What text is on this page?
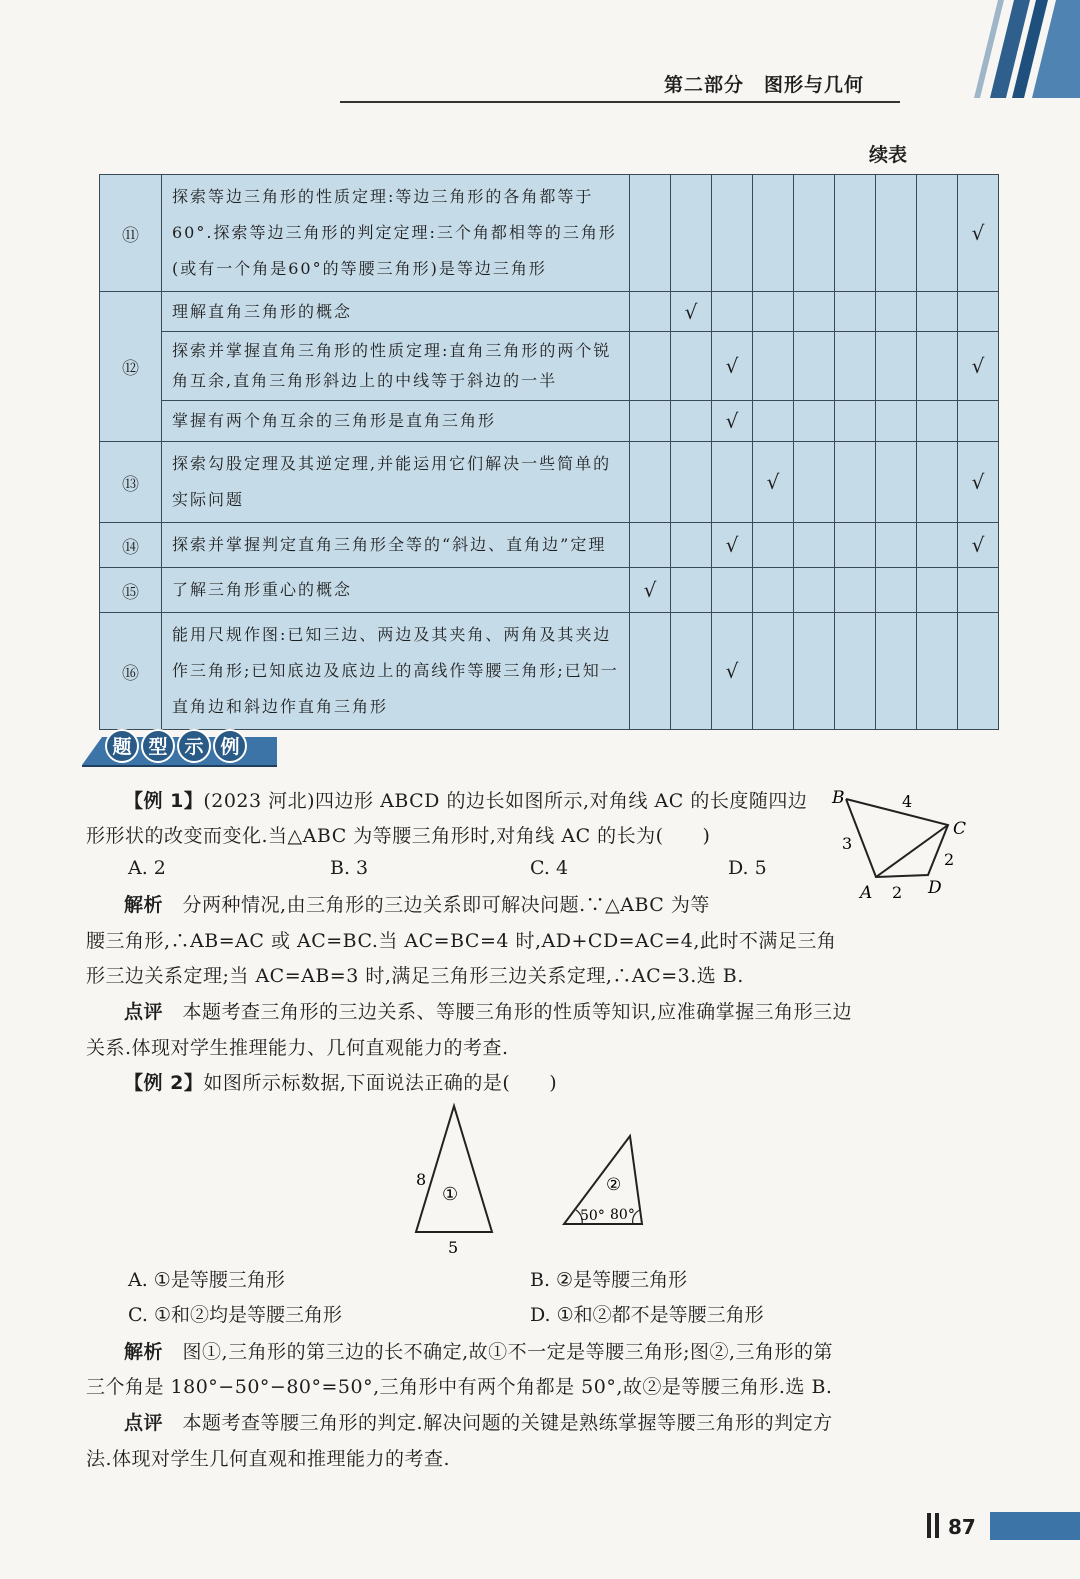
第二部分　图形与几何
续表
⑪	探索等边三角形的性质定理:等边三角形的各角都等于60°.探索等边三角形的判定定理:三个角都相等的三角形(或有一个角是60°的等腰三角形)是等边三角形									√
⑫	理解直角三角形的概念		√							
	探索并掌握直角三角形的性质定理:直角三角形的两个锐角互余,直角三角形斜边上的中线等于斜边的一半			√						√
	掌握有两个角互余的三角形是直角三角形			√						
⑬	探索勾股定理及其逆定理,并能运用它们解决一些简单的实际问题				√					√
⑭	探索并掌握判定直角三角形全等的“斜边、直角边”定理			√						√
⑮	了解三角形重心的概念	√								
⑯	能用尺规作图:已知三边、两边及其夹角、两角及其夹边作三角形;已知底边及底边上的高线作等腰三角形;已知一直角边和斜边作直角三角形			√						
题 型 示 例
【例 1】(2023 河北)四边形 ABCD 的边长如图所示,对角线 AC 的长度随四边
形形状的改变而变化.当△ABC 为等腰三角形时,对角线 AC 的长为(　　)
A. 2	B. 3	C. 4	D. 5
B
C
A	D
4
3
2
2
解析　 分两种情况,由三角形的三边关系即可解决问题.∵△ABC 为等
腰三角形,∴AB=AC 或 AC=BC.当 AC=BC=4 时,AD+CD=AC=4,此时不满足三角
形三边关系定理;当 AC=AB=3 时,满足三角形三边关系定理,∴AC=3.选 B.
点评　 本题考查三角形的三边关系、等腰三角形的性质等知识,应准确掌握三角形三边
关系.体现对学生推理能力、几何直观能力的考查.
【例 2】如图所示标数据,下面说法正确的是(　　)
8
5
①	②
50° 80°
A. ①是等腰三角形	B. ②是等腰三角形
C. ①和②均是等腰三角形	D. ①和②都不是等腰三角形
解析　 图①,三角形的第三边的长不确定,故①不一定是等腰三角形;图②,三角形的第
三个角是 180°−50°−80°=50°,三角形中有两个角都是 50°,故②是等腰三角形.选 B.
点评　 本题考查等腰三角形的判定.解决问题的关键是熟练掌握等腰三角形的判定方
法.体现对学生几何直观和推理能力的考查.
87
